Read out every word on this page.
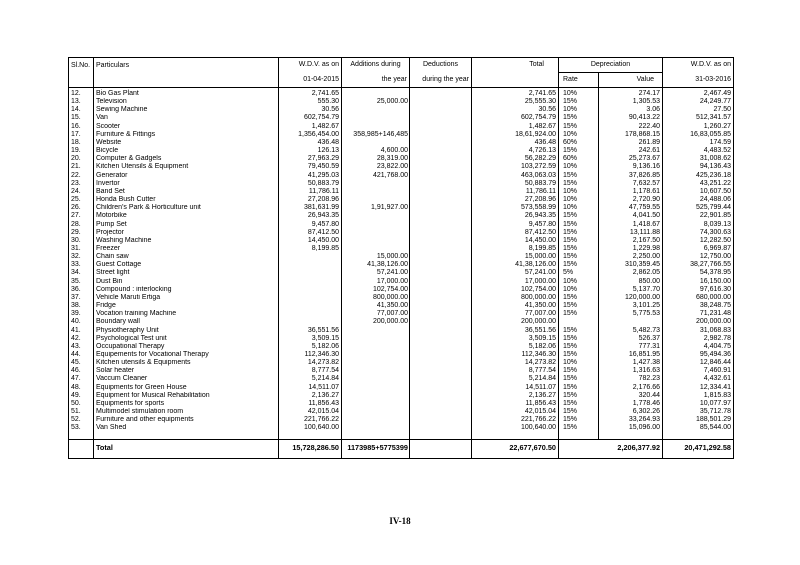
Sl.No.	Particulars	W.D.V. as on	Additions during	Deductions	Total	Depreciation		W.D.V. as on
		01-04-2015	the year	during the year		Rate	Value	31-03-2016

12.	Bio Gas Plant	2,741.65			2,741.65	10%	274.17	2,467.49
13.	Television	555.30	25,000.00		25,555.30	15%	1,305.53	24,249.77
14.	Sewing Machine	30.56			30.56	10%	3.06	27.50
15.	Van	602,754.79			602,754.79	15%	90,413.22	512,341.57
16.	Scooter	1,482.67			1,482.67	15%	222.40	1,260.27
17.	Furniture & Fittings	1,356,454.00	358,985+146,485		18,61,924.00	10%	178,868.15	16,83,055.85
18.	Website	436.48			436.48	60%	261.89	174.59
19.	Bicycle	126.13	4,600.00		4,726.13	15%	242.61	4,483.52
20.	Computer & Gadgels	27,963.29	28,319.00		56,282.29	60%	25,273.67	31,008.62
21.	Kitchen Utensils & Equipment	79,450.59	23,822.00		103,272.59	10%	9,136.16	94,136.43
22.	Generator	41,295.03	421,768.00		463,063.03	15%	37,826.85	425,236.18
23.	Invertor	50,883.79			50,883.79	15%	7,632.57	43,251.22
24.	Band Set	11,786.11			11,786.11	10%	1,178.61	10,607.50
25.	Honda Bush Cutter	27,208.96			27,208.96	10%	2,720.90	24,488.06
26.	Children's Park & Horticulture unit	381,631.99	1,91,927.00		573,558.99	10%	47,759.55	525,799.44
27.	Motorbike	26,943.35			26,943.35	15%	4,041.50	22,901.85
28.	Pump Set	9,457.80			9,457.80	15%	1,418.67	8,039.13
29.	Projector	87,412.50			87,412.50	15%	13,111.88	74,300.63
30.	Washing Machine	14,450.00			14,450.00	15%	2,167.50	12,282.50
31.	Freezer	8,199.85			8,199.85	15%	1,229.98	6,969.87
32.	Chain saw		15,000.00		15,000.00	15%	2,250.00	12,750.00
33.	Guest Cottage		41,38,126.00		41,38,126.00	15%	310,359.45	38,27,766.55
34.	Street light		57,241.00		57,241.00	5%	2,862.05	54,378.95
35.	Dust Bin		17,000.00		17,000.00	10%	850.00	16,150.00
36.	Compound : interlocking		102,754.00		102,754.00	10%	5,137.70	97,616.30
37.	Vehicle Maruti Ertiga		800,000.00		800,000.00	15%	120,000.00	680,000.00
38.	Fridge		41,350.00		41,350.00	15%	3,101.25	38,248.75
39.	Vocation training Machine		77,007.00		77,007.00	15%	5,775.53	71,231.48
40.	Boundary wall		200,000.00		200,000.00			200,000.00
41.	Physiotheraphy Unit	36,551.56			36,551.56	15%	5,482.73	31,068.83
42.	Psychological Test unit	3,509.15			3,509.15	15%	526.37	2,982.78
43.	Occupational Therapy	5,182.06			5,182.06	15%	777.31	4,404.75
44.	Equipements for Vocational Therapy	112,346.30			112,346.30	15%	16,851.95	95,494.36
45.	Kitchen utensils & Equipments	14,273.82			14,273.82	10%	1,427.38	12,846.44
46.	Solar heater	8,777.54			8,777.54	15%	1,316.63	7,460.91
47.	Vaccum Cleaner	5,214.84			5,214.84	15%	782.23	4,432.61
48.	Equipments for Green House	14,511.07			14,511.07	15%	2,176.66	12,334.41
49.	Equipment for Musical Rehabilitation	2,136.27			2,136.27	15%	320.44	1,815.83
50.	Equipments for sports	11,856.43			11,856.43	15%	1,778.46	10,077.97
51.	Multimodel stimulation room	42,015.04			42,015.04	15%	6,302.26	35,712.78
52.	Furniture and other equipments	221,766.22			221,766.22	15%	33,264.93	188,501.29
53.	Van Shed	100,640.00			100,640.00	15%	15,096.00	85,544.00
	Total	15,728,286.50	1173985+5775399		22,677,670.50		2,206,377.92	20,471,292.58
IV-18
